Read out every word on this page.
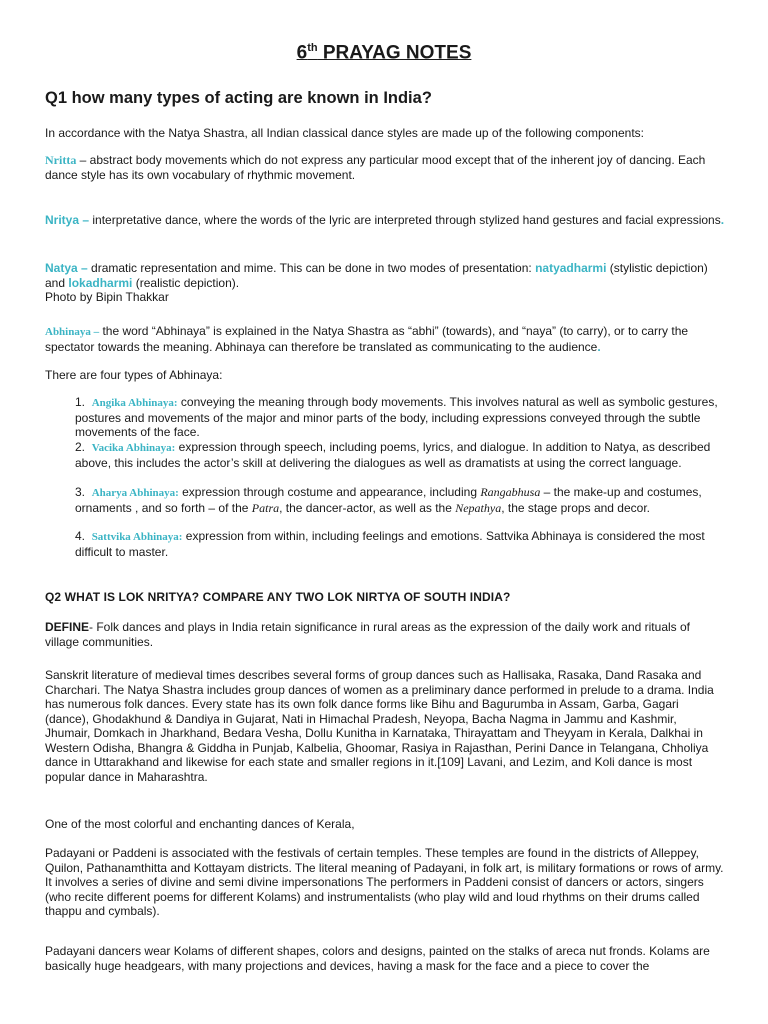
6th PRAYAG NOTES
Q1 how many types of acting are known in India?

In accordance with the Natya Shastra, all Indian classical dance styles are made up of the following components:

Nritta – abstract body movements which do not express any particular mood except that of the inherent joy of dancing. Each dance style has its own vocabulary of rhythmic movement.

Nritya – interpretative dance, where the words of the lyric are interpreted through stylized hand gestures and facial expressions.

Natya – dramatic representation and mime. This can be done in two modes of presentation: natyadharmi (stylistic depiction) and lokadharmi (realistic depiction).
Photo by Bipin Thakkar

Abhinaya – the word “Abhinaya” is explained in the Natya Shastra as “abhi” (towards), and “naya” (to carry), or to carry the spectator towards the meaning. Abhinaya can therefore be translated as communicating to the audience.

There are four types of Abhinaya:

1. Angika Abhinaya: conveying the meaning through body movements. This involves natural as well as symbolic gestures, postures and movements of the major and minor parts of the body, including expressions conveyed through the subtle movements of the face.

2. Vacika Abhinaya: expression through speech, including poems, lyrics, and dialogue. In addition to Natya, as described above, this includes the actor’s skill at delivering the dialogues as well as dramatists at using the correct language.

3. Aharya Abhinaya: expression through costume and appearance, including Rangabhusa – the make-up and costumes, ornaments , and so forth – of the Patra, the dancer-actor, as well as the Nepathya, the stage props and decor.

4. Sattvika Abhinaya: expression from within, including feelings and emotions. Sattvika Abhinaya is considered the most difficult to master.

Q2 WHAT IS LOK NRITYA? COMPARE ANY TWO LOK NIRTYA OF SOUTH INDIA?

DEFINE- Folk dances and plays in India retain significance in rural areas as the expression of the daily work and rituals of village communities.

Sanskrit literature of medieval times describes several forms of group dances such as Hallisaka, Rasaka, Dand Rasaka and Charchari. The Natya Shastra includes group dances of women as a preliminary dance performed in prelude to a drama. India has numerous folk dances. Every state has its own folk dance forms like Bihu and Bagurumba in Assam, Garba, Gagari (dance), Ghodakhund & Dandiya in Gujarat, Nati in Himachal Pradesh, Neyopa, Bacha Nagma in Jammu and Kashmir, Jhumair, Domkach in Jharkhand, Bedara Vesha, Dollu Kunitha in Karnataka, Thirayattam and Theyyam in Kerala, Dalkhai in Western Odisha, Bhangra & Giddha in Punjab, Kalbelia, Ghoomar, Rasiya in Rajasthan, Perini Dance in Telangana, Chholiya dance in Uttarakhand and likewise for each state and smaller regions in it.[109] Lavani, and Lezim, and Koli dance is most popular dance in Maharashtra.

One of the most colorful and enchanting dances of Kerala,

Padayani or Paddeni is associated with the festivals of certain temples. These temples are found in the districts of Alleppey, Quilon, Pathanamthitta and Kottayam districts. The literal meaning of Padayani, in folk art, is military formations or rows of army. It involves a series of divine and semi divine impersonations The performers in Paddeni consist of dancers or actors, singers (who recite different poems for different Kolams) and instrumentalists (who play wild and loud rhythms on their drums called thappu and cymbals).

Padayani dancers wear Kolams of different shapes, colors and designs, painted on the stalks of areca nut fronds. Kolams are basically huge headgears, with many projections and devices, having a mask for the face and a piece to cover the
